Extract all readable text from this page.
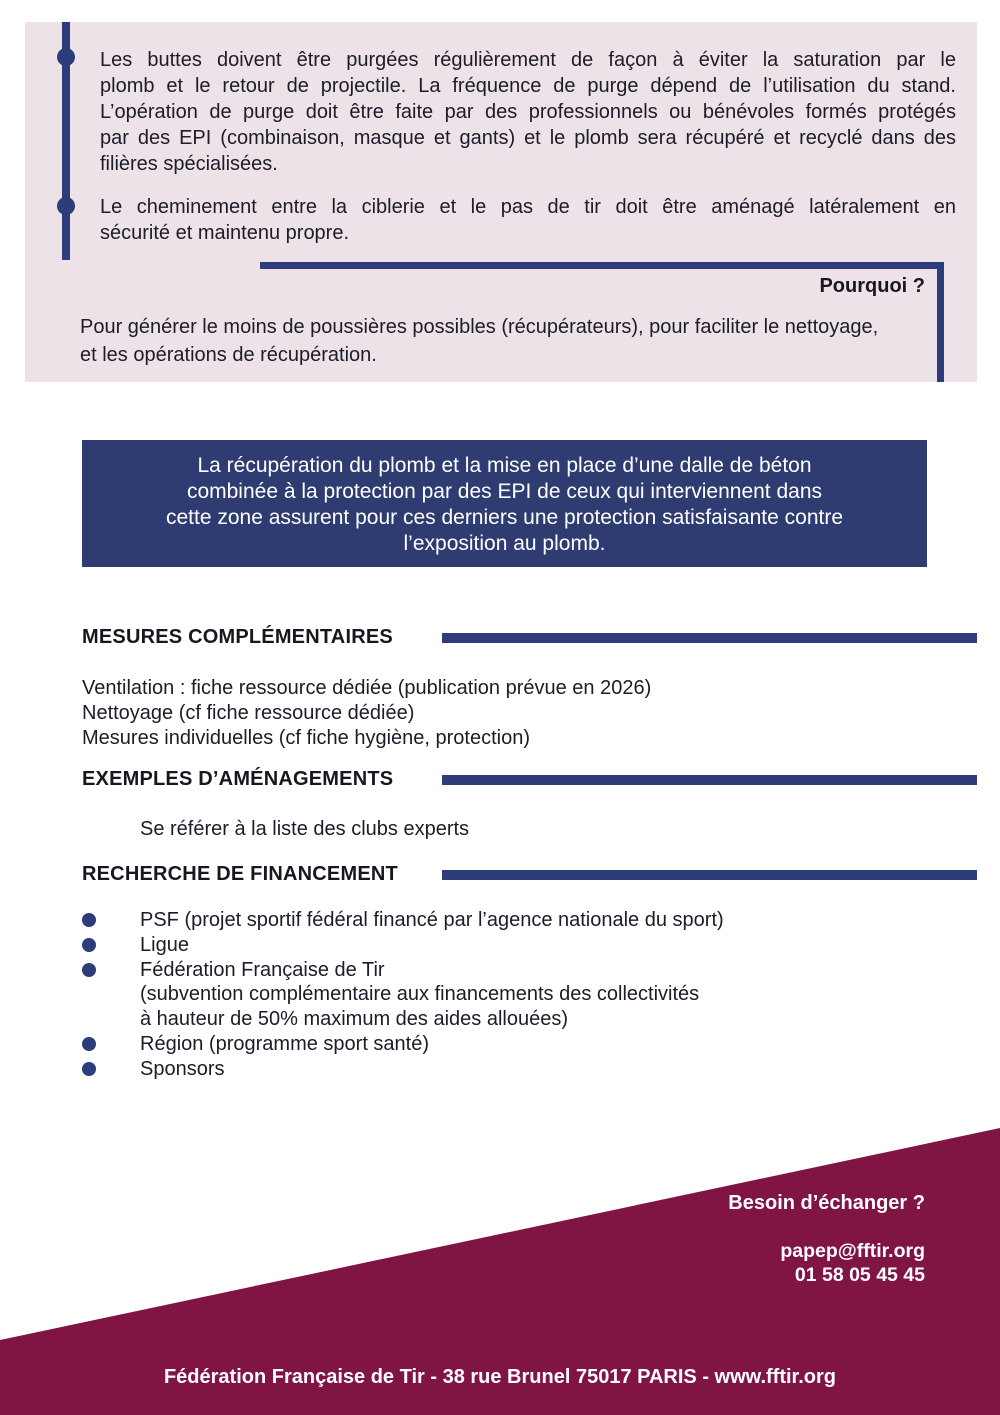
Les buttes doivent être purgées régulièrement de façon à éviter la saturation par le
plomb et le retour de projectile. La fréquence de purge dépend de l’utilisation du stand.
L’opération de purge doit être faite par des professionnels ou bénévoles formés protégés
par des EPI (combinaison, masque et gants) et le plomb sera récupéré et recyclé dans des
filières spécialisées.
Le cheminement entre la ciblerie et le pas de tir doit être aménagé latéralement en
sécurité et maintenu propre.
Pourquoi ?
Pour générer le moins de poussières possibles (récupérateurs), pour faciliter le nettoyage,
et les opérations de récupération.
La récupération du plomb et la mise en place d’une dalle de béton
combinée à la protection par des EPI de ceux qui interviennent dans
cette zone assurent pour ces derniers une protection satisfaisante contre
l’exposition au plomb.
MESURES COMPLÉMENTAIRES
Ventilation : fiche ressource dédiée (publication prévue en 2026)
Nettoyage (cf fiche ressource dédiée)
Mesures individuelles (cf fiche hygiène, protection)
EXEMPLES D’AMÉNAGEMENTS
Se référer à la liste des clubs experts
RECHERCHE DE FINANCEMENT
PSF (projet sportif fédéral financé par l’agence nationale du sport)
Ligue
Fédération Française de Tir
(subvention complémentaire aux financements des collectivités
à hauteur de 50% maximum des aides allouées)
Région (programme sport santé)
Sponsors
Besoin d’échanger ?
papep@fftir.org
01 58 05 45 45
Fédération Française de Tir - 38 rue Brunel 75017 PARIS - www.fftir.org
